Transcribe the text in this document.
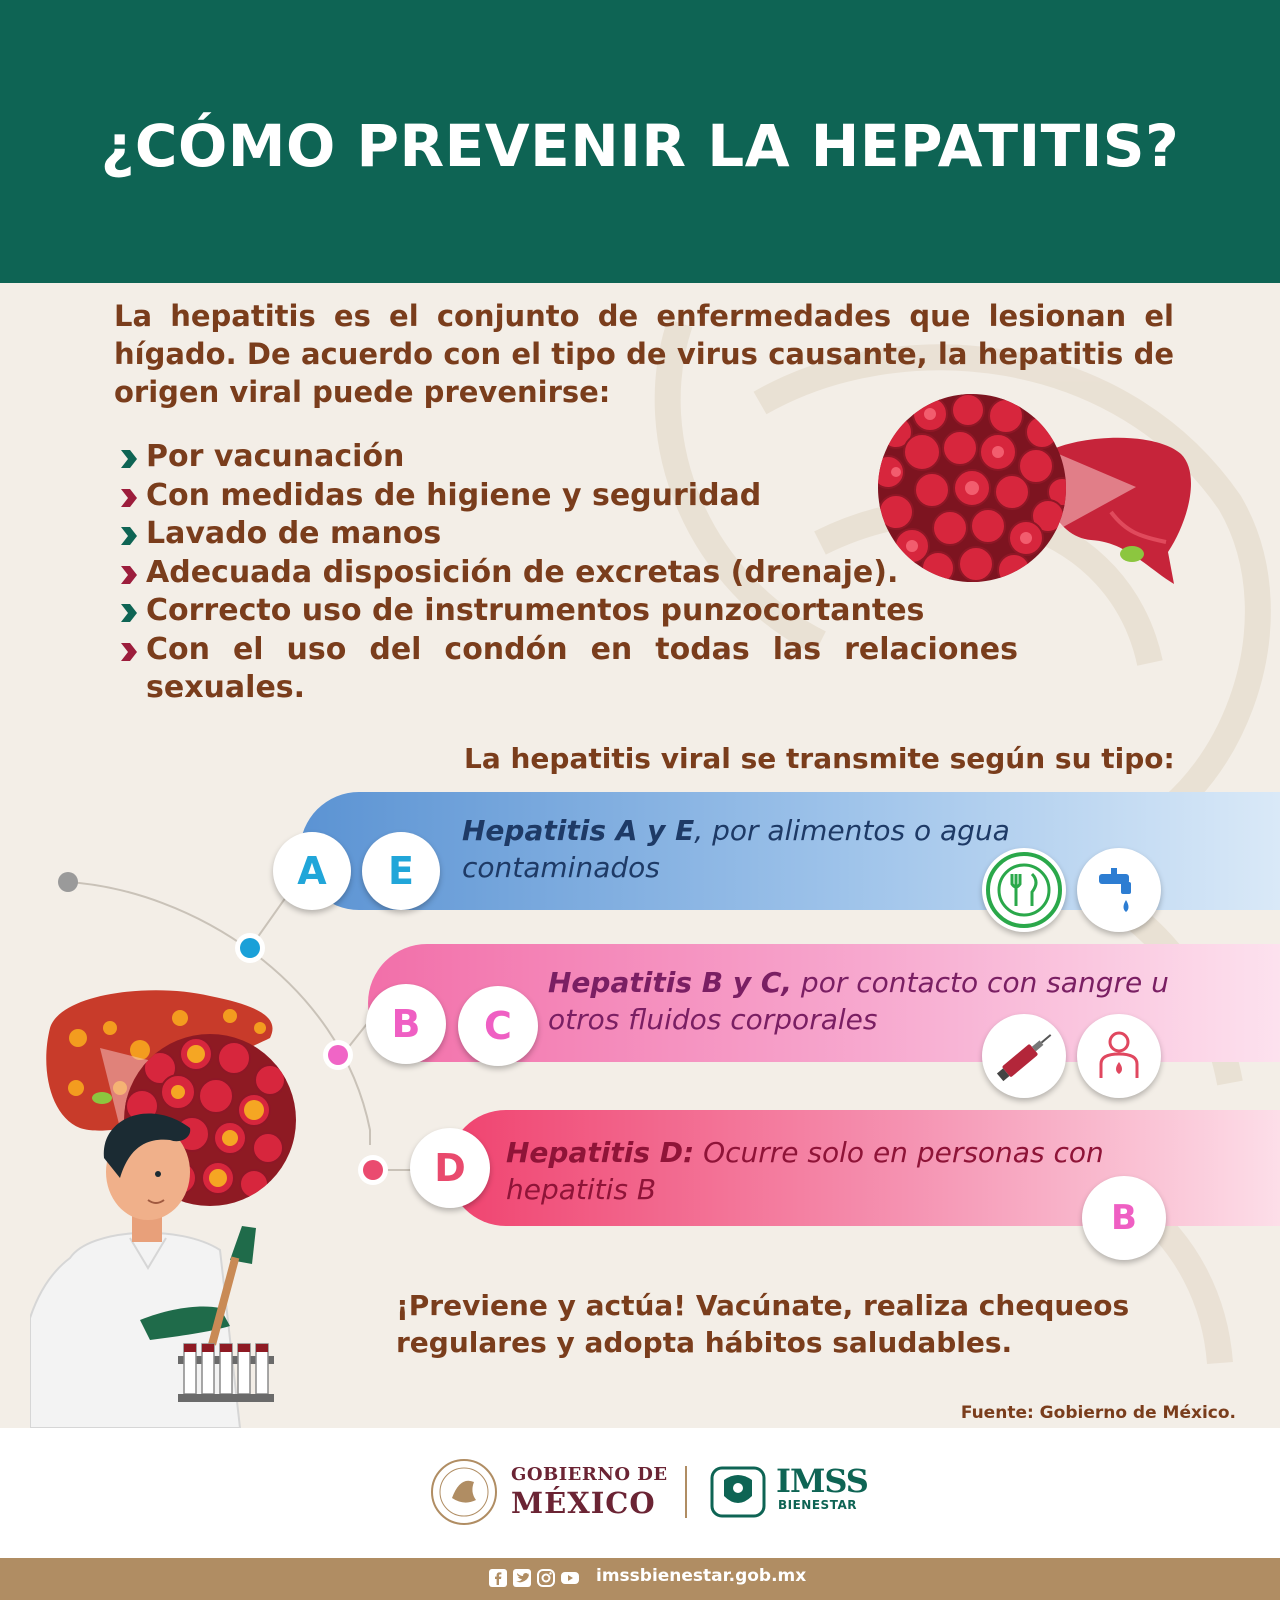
¿CÓMO PREVENIR LA HEPATITIS?
La hepatitis es el conjunto de enfermedades que lesionan el hígado. De acuerdo con el tipo de virus causante, la hepatitis de origen viral puede prevenirse:
Por vacunación
Con medidas de higiene y seguridad
Lavado de manos
Adecuada disposición de excretas (drenaje).
Correcto uso de instrumentos punzocortantes
Con el uso del condón en todas las relaciones sexuales.
La hepatitis viral se transmite según su tipo:
A	E
Hepatitis A y E, por alimentos o agua contaminados
B	C
Hepatitis B y C, por contacto con sangre u otros fluidos corporales
D	Hepatitis D: Ocurre solo en personas con hepatitis B
B
¡Previene y actúa! Vacúnate, realiza chequeos regulares y adopta hábitos saludables.
Fuente: Gobierno de México.
GOBIERNO DE
MÉXICO
IMSS
BIENESTAR
imssbienestar.gob.mx
